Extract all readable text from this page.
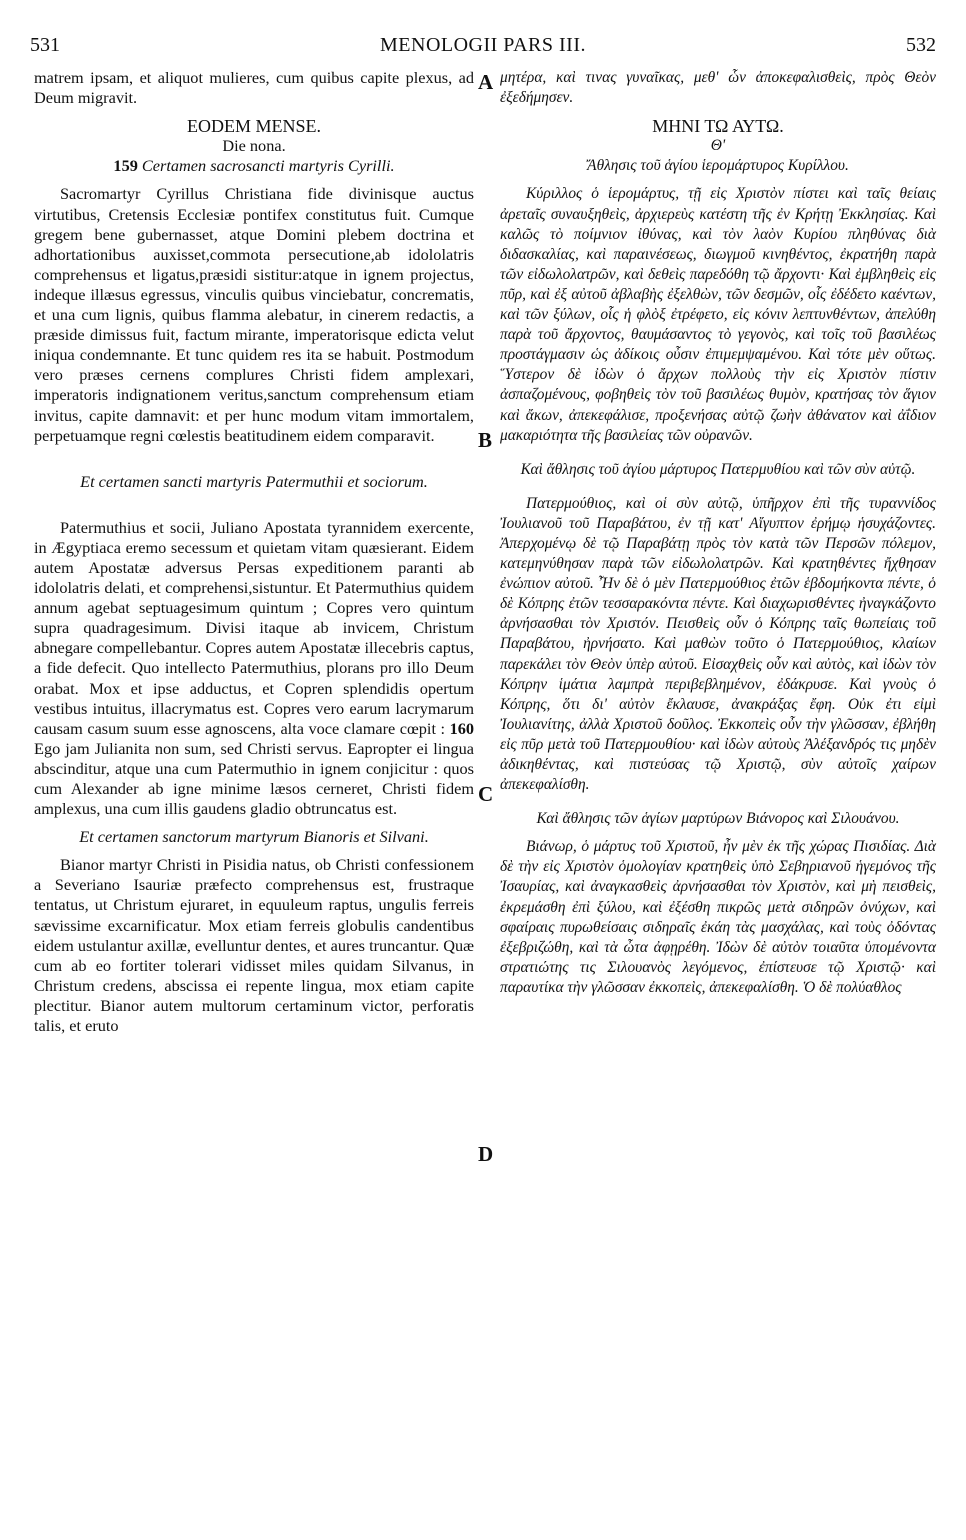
531	MENOLOGII PARS III.	532
A
B
C
D

matrem ipsam, et aliquot mulieres, cum quibus capite plexus, ad Deum migravit.

EODEM MENSE.

Die nona.

159 Certamen sacrosancti martyris Cyrilli.

Sacromartyr Cyrillus Christiana fide divinisque auctus virtutibus, Cretensis Ecclesiæ pontifex constitutus fuit. Cumque gregem bene gubernasset, atque Domini plebem doctrina et adhortationibus auxisset,commota persecutione,ab idololatris comprehensus et ligatus,præsidi sistitur:atque in ignem projectus, indeque illæsus egressus, vinculis quibus vinciebatur, concrematis, et una cum lignis, quibus flamma alebatur, in cinerem redactis, a præside dimissus fuit, factum mirante, imperatorisque edicta velut iniqua condemnante. Et tunc quidem res ita se habuit. Postmodum vero præses cernens complures Christi fidem amplexari, imperatoris indignationem veritus,sanctum comprehensum etiam invitus, capite damnavit: et per hunc modum vitam immortalem, perpetuamque regni cœlestis beatitudinem eidem comparavit.

Et certamen sancti martyris Patermuthii et sociorum.

Patermuthius et socii, Juliano Apostata tyrannidem exercente, in Ægyptiaca eremo secessum et quietam vitam quæsierant. Eidem autem Apostatæ adversus Persas expeditionem paranti ab idololatris delati, et comprehensi,sistuntur. Et Patermuthius quidem annum agebat septuagesimum quintum ; Copres vero quintum supra quadragesimum. Divisi itaque ab invicem, Christum abnegare compellebantur. Copres autem Apostatæ illecebris captus, a fide defecit. Quo intellecto Patermuthius, plorans pro illo Deum orabat. Mox et ipse adductus, et Copren splendidis opertum vestibus intuitus, illacrymatus est. Copres vero earum lacrymarum causam casum suum esse agnoscens, alta voce clamare cœpit : 160 Ego jam Julianita non sum, sed Christi servus. Eapropter ei lingua abscinditur, atque una cum Patermuthio in ignem conjicitur : quos cum Alexander ab igne minime læsos cerneret, Christi fidem amplexus, una cum illis gaudens gladio obtruncatus est.

Et certamen sanctorum martyrum Bianoris et Silvani.

Bianor martyr Christi in Pisidia natus, ob Christi confessionem a Severiano Isauriæ præfecto comprehensus est, frustraque tentatus, ut Christum ejuraret, in equuleum raptus, ungulis ferreis sævissime excarnificatur. Mox etiam ferreis globulis candentibus eidem ustulantur axillæ, evelluntur dentes, et aures truncantur. Quæ cum ab eo fortiter tolerari vidisset miles quidam Silvanus, in Christum credens, abscissa ei repente lingua, mox etiam capite plectitur. Bianor autem multorum certaminum victor, perforatis talis, et eruto

μητέρα, καὶ τινας γυναῖκας, μεθ' ὧν ἀποκεφαλισθεὶς, πρὸς Θεὸν ἐξεδήμησεν.

ΜΗΝΙ ΤΩ ΑΥΤΩ.

Θ'

Ἄθλησις τοῦ ἁγίου ἱερομάρτυρος Κυρίλλου.

Κύριλλος ὁ ἱερομάρτυς, τῇ εἰς Χριστὸν πίστει καὶ ταῖς θείαις ἀρεταῖς συναυξηθεὶς, ἀρχιερεὺς κατέστη τῆς ἐν Κρήτῃ Ἐκκλησίας. Καὶ καλῶς τὸ ποίμνιον ἰθύνας, καὶ τὸν λαὸν Κυρίου πληθύνας διὰ διδασκαλίας, καὶ παραινέσεως, διωγμοῦ κινηθέντος, ἐκρατήθη παρὰ τῶν εἰδωλολατρῶν, καὶ δεθεὶς παρεδόθη τῷ ἄρχοντι· Καὶ ἐμβληθεὶς εἰς πῦρ, καὶ ἐξ αὐτοῦ ἀβλαβὴς ἐξελθὼν, τῶν δεσμῶν, οἷς ἐδέδετο καέντων, καὶ τῶν ξύλων, οἷς ἡ φλὸξ ἐτρέφετο, εἰς κόνιν λεπτυνθέντων, ἀπελύθη παρὰ τοῦ ἄρχοντος, θαυμάσαντος τὸ γεγονὸς, καὶ τοῖς τοῦ βασιλέως προστάγμασιν ὡς ἀδίκοις οὖσιν ἐπιμεμψαμένου. Καὶ τότε μὲν οὕτως. Ὕστερον δὲ ἰδὼν ὁ ἄρχων πολλοὺς τὴν εἰς Χριστὸν πίστιν ἀσπαζομένους, φοβηθεὶς τὸν τοῦ βασιλέως θυμὸν, κρατήσας τὸν ἅγιον καὶ ἄκων, ἀπεκεφάλισε, προξενήσας αὐτῷ ζωὴν ἀθάνατον καὶ ἀΐδιον μακαριότητα τῆς βασιλείας τῶν οὐρανῶν.

Καὶ ἄθλησις τοῦ ἁγίου μάρτυρος Πατερμυθίου καὶ τῶν σὺν αὐτῷ.

Πατερμούθιος, καὶ οἱ σὺν αὐτῷ, ὑπῆρχον ἐπὶ τῆς τυραννίδος Ἰουλιανοῦ τοῦ Παραβάτου, ἐν τῇ κατ' Αἴγυπτον ἐρήμῳ ἡσυχάζοντες. Ἀπερχομένῳ δὲ τῷ Παραβάτῃ πρὸς τὸν κατὰ τῶν Περσῶν πόλεμον, κατεμηνύθησαν παρὰ τῶν εἰδωλολατρῶν. Καὶ κρατηθέντες ἤχθησαν ἐνώπιον αὐτοῦ. Ἦν δὲ ὁ μὲν Πατερμούθιος ἐτῶν ἑβδομήκοντα πέντε, ὁ δὲ Κόπρης ἐτῶν τεσσαρακόντα πέντε. Καὶ διαχωρισθέντες ἠναγκάζοντο ἀρνήσασθαι τὸν Χριστόν. Πεισθεὶς οὖν ὁ Κόπρης ταῖς θωπείαις τοῦ Παραβάτου, ἠρνήσατο. Καὶ μαθὼν τοῦτο ὁ Πατερμούθιος, κλαίων παρεκάλει τὸν Θεὸν ὑπὲρ αὐτοῦ. Εἰσαχθεὶς οὖν καὶ αὐτὸς, καὶ ἰδὼν τὸν Κόπρην ἱμάτια λαμπρὰ περιβεβλημένον, ἐδάκρυσε. Καὶ γνοὺς ὁ Κόπρης, ὅτι δι' αὐτὸν ἔκλαυσε, ἀνακράξας ἔφη. Οὐκ ἐτι εἰμὶ Ἰουλιανίτης, ἀλλὰ Χριστοῦ δοῦλος. Ἐκκοπεὶς οὖν τὴν γλῶσσαν, ἐβλήθη εἰς πῦρ μετὰ τοῦ Πατερμουθίου· καὶ ἰδὼν αὐτοὺς Ἀλέξανδρός τις μηδὲν ἀδικηθέντας, καὶ πιστεύσας τῷ Χριστῷ, σὺν αὐτοῖς χαίρων ἀπεκεφαλίσθη.

Καὶ ἄθλησις τῶν ἁγίων μαρτύρων Βιάνορος καὶ Σιλουάνου.

Βιάνωρ, ὁ μάρτυς τοῦ Χριστοῦ, ἦν μὲν ἐκ τῆς χώρας Πισιδίας. Διὰ δὲ τὴν εἰς Χριστὸν ὁμολογίαν κρατηθεὶς ὑπὸ Σεβηριανοῦ ἡγεμόνος τῆς Ἰσαυρίας, καὶ ἀναγκασθεὶς ἀρνήσασθαι τὸν Χριστὸν, καὶ μὴ πεισθεὶς, ἐκρεμάσθη ἐπὶ ξύλου, καὶ ἐξέσθη πικρῶς μετὰ σιδηρῶν ὀνύχων, καὶ σφαίραις πυρωθείσαις σιδηραῖς ἐκάη τὰς μασχάλας, καὶ τοὺς ὀδόντας ἐξεβριζώθη, καὶ τὰ ὦτα ἀφῃρέθη. Ἰδὼν δὲ αὐτὸν τοιαῦτα ὑπομένοντα στρατιώτης τις Σιλουανὸς λεγόμενος, ἐπίστευσε τῷ Χριστῷ· καὶ παραυτίκα τὴν γλῶσσαν ἐκκοπεὶς, ἀπεκεφαλίσθη. Ὁ δὲ πολύαθλος
